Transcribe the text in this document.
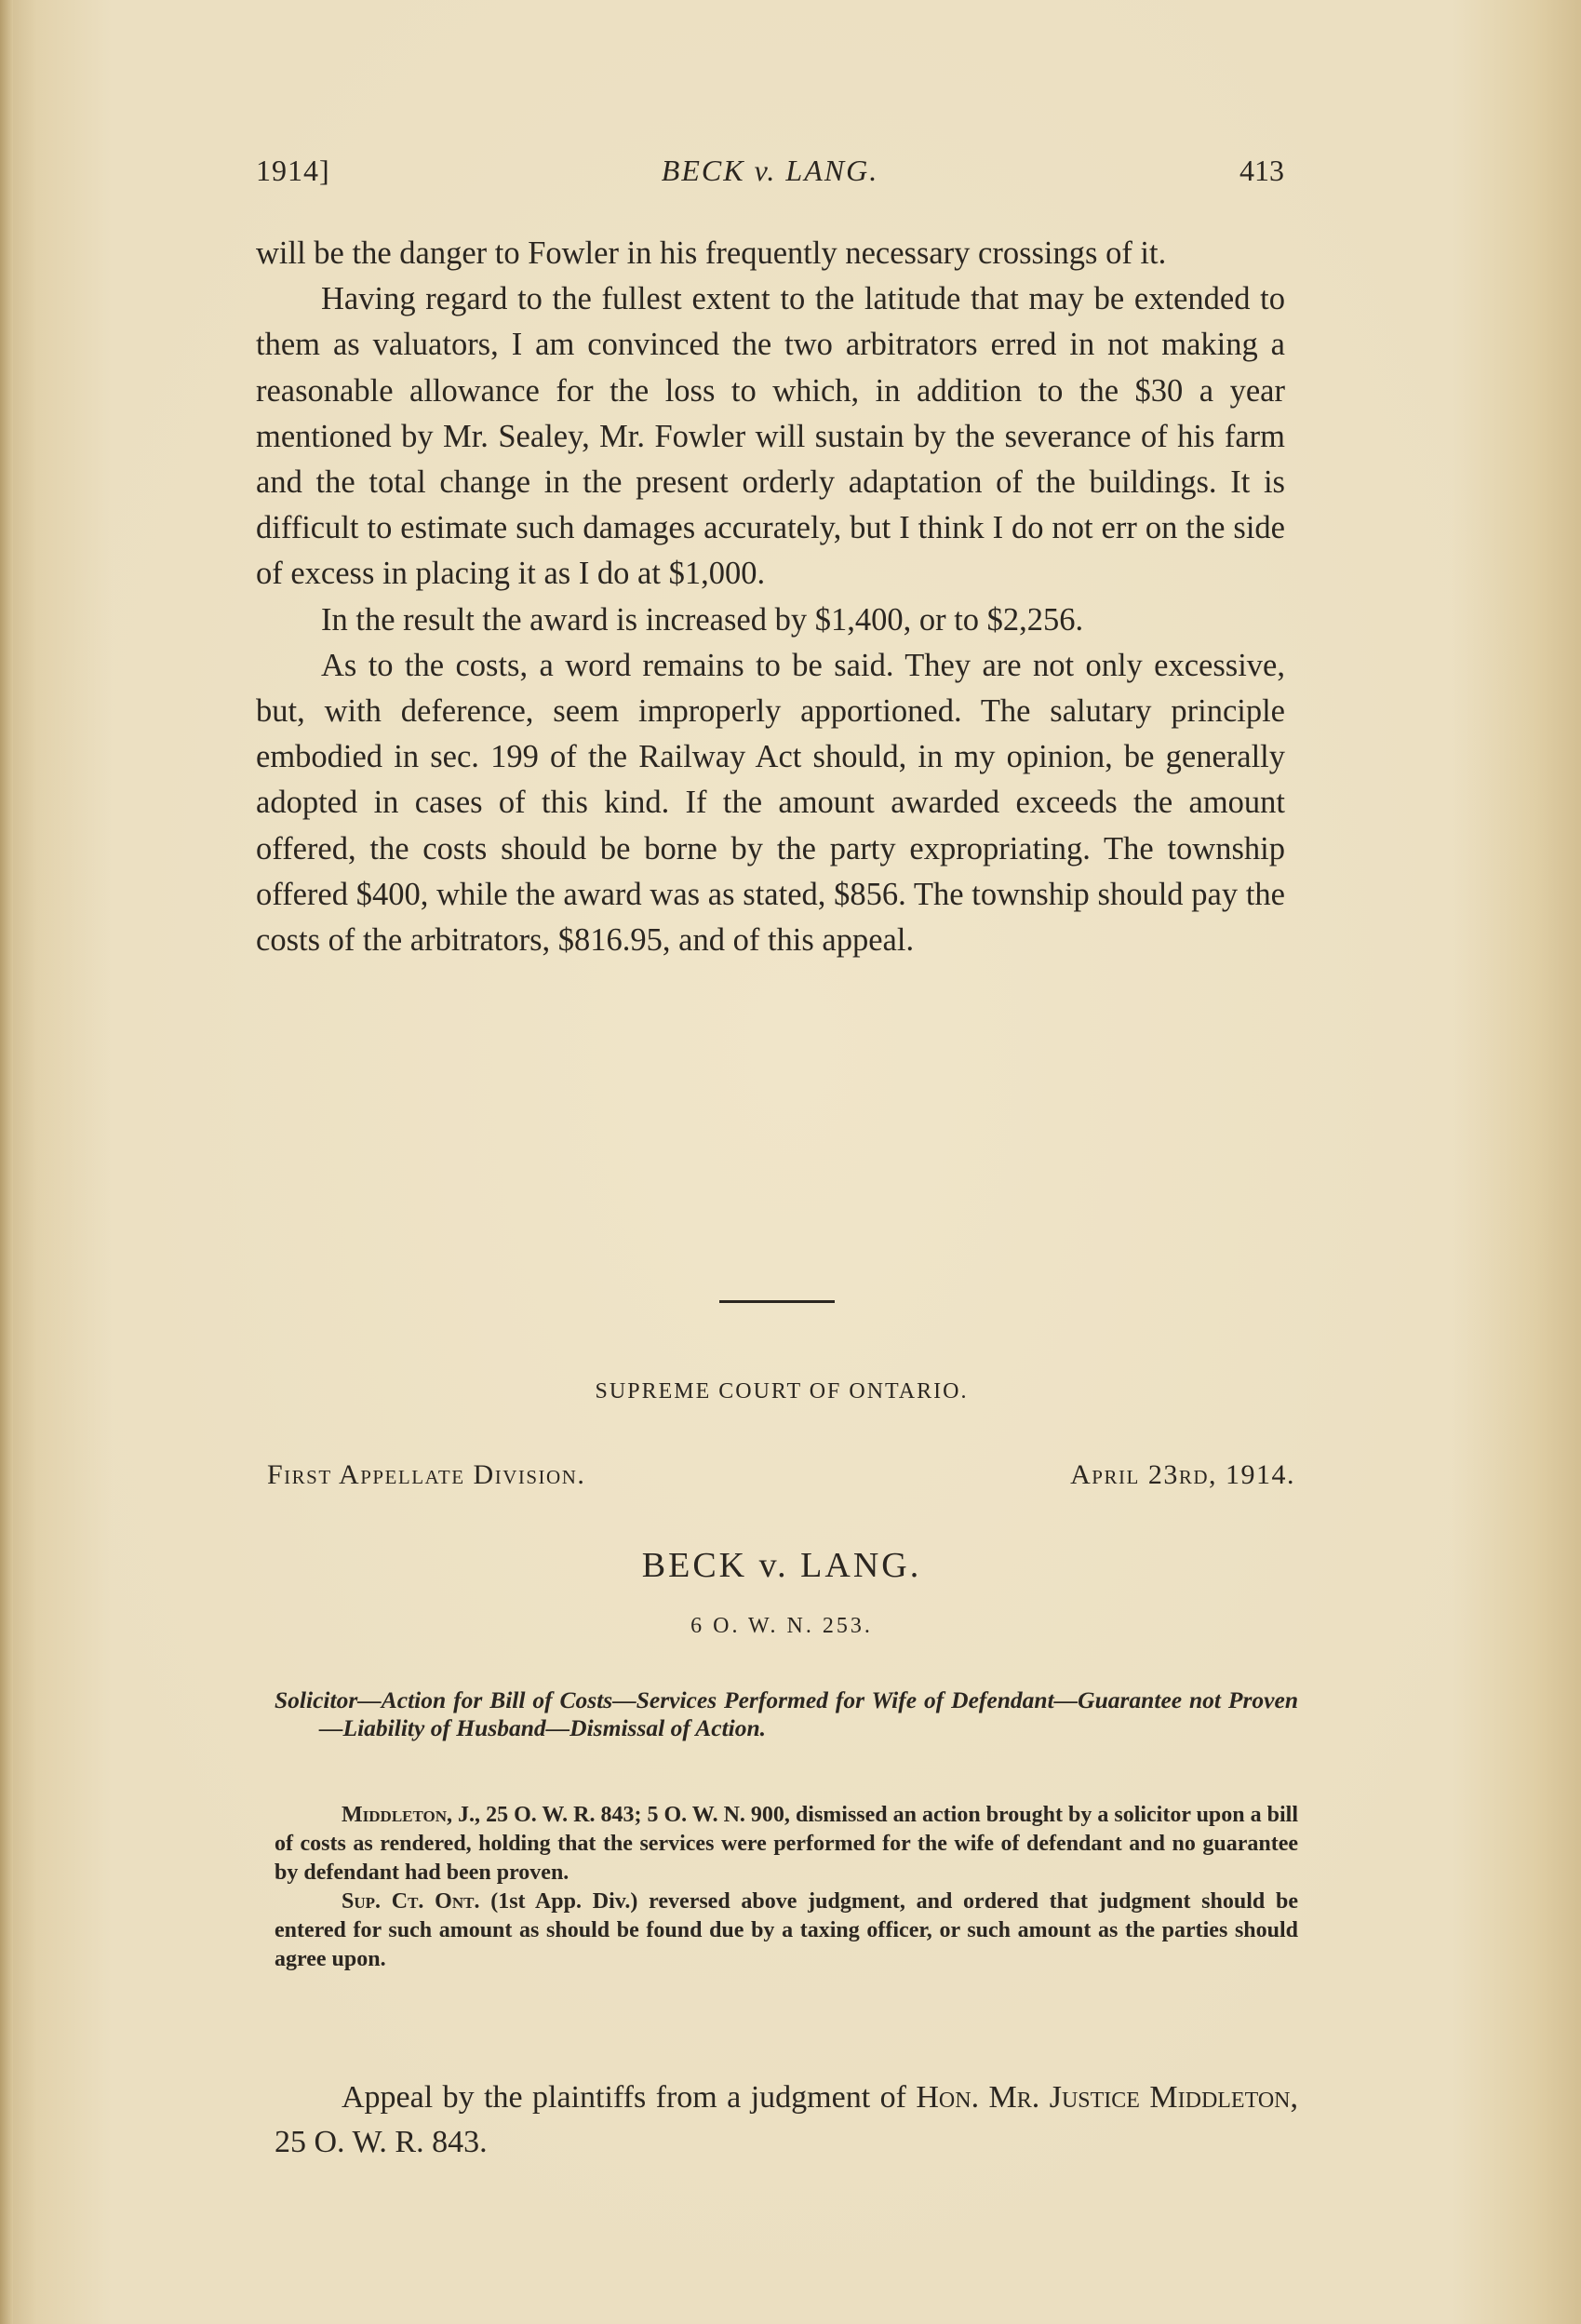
1914]	BECK v. LANG.	413

will be the danger to Fowler in his frequently necessary crossings of it.

Having regard to the fullest extent to the latitude that may be extended to them as valuators, I am convinced the two arbitrators erred in not making a reasonable allowance for the loss to which, in addition to the $30 a year mentioned by Mr. Sealey, Mr. Fowler will sustain by the severance of his farm and the total change in the present orderly adaptation of the buildings. It is difficult to estimate such damages accurately, but I think I do not err on the side of excess in placing it as I do at $1,000.

In the result the award is increased by $1,400, or to $2,256.

As to the costs, a word remains to be said. They are not only excessive, but, with deference, seem improperly apportioned. The salutary principle embodied in sec. 199 of the Railway Act should, in my opinion, be generally adopted in cases of this kind. If the amount awarded exceeds the amount offered, the costs should be borne by the party expropriating. The township offered $400, while the award was as stated, $856. The township should pay the costs of the arbitrators, $816.95, and of this appeal.

SUPREME COURT OF ONTARIO.
First Appellate Division.	April 23rd, 1914.
BECK v. LANG.
6 O. W. N. 253.

Solicitor—Action for Bill of Costs—Services Performed for Wife of Defendant—Guarantee not Proven—Liability of Husband—Dismissal of Action.

Middleton, J., 25 O. W. R. 843; 5 O. W. N. 900, dismissed an action brought by a solicitor upon a bill of costs as rendered, holding that the services were performed for the wife of defendant and no guarantee by defendant had been proven.

Sup. Ct. Ont. (1st App. Div.) reversed above judgment, and ordered that judgment should be entered for such amount as should be found due by a taxing officer, or such amount as the parties should agree upon.

Appeal by the plaintiffs from a judgment of Hon. Mr. Justice Middleton, 25 O. W. R. 843.
